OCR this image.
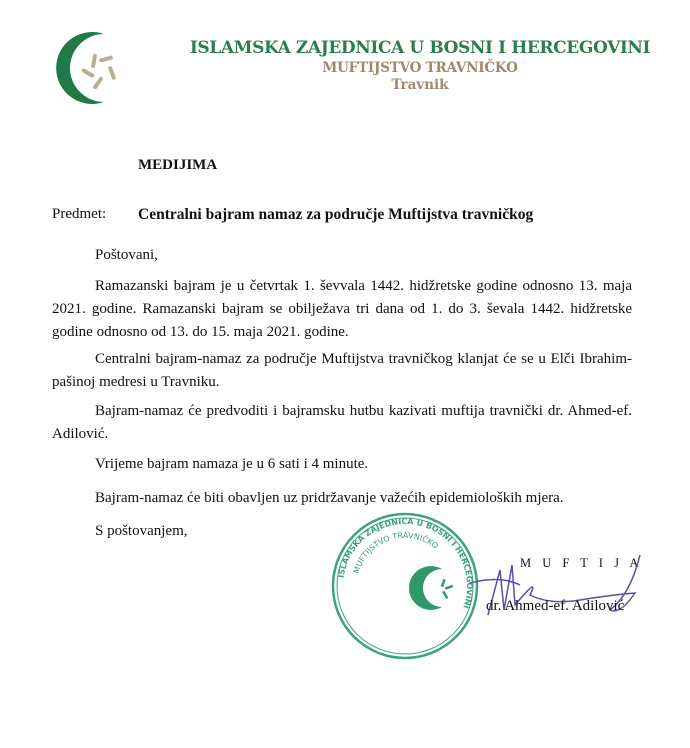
ISLAMSKA ZAJEDNICA U BOSNI I HERCEGOVINI
MUFTIJSTVO TRAVNIČKO
Travnik
MEDIJIMA
Predmet: Centralni bajram namaz za područje Muftijstva travničkog
Poštovani,
Ramazanski bajram je u četvrtak 1. ševvala 1442. hidžretske godine odnosno 13. maja 2021. godine. Ramazanski bajram se obilježava tri dana od 1. do 3. ševala 1442. hidžretske godine odnosno od 13. do 15. maja 2021. godine.
Centralni bajram-namaz za područje Muftijstva travničkog klanjat će se u Elči Ibrahim-pašinoj medresi u Travniku.
Bajram-namaz će predvoditi i bajramsku hutbu kazivati muftija travnički dr. Ahmed-ef. Adilović.
Vrijeme bajram namaza je u 6 sati i 4 minute.
Bajram-namaz će biti obavljen uz pridržavanje važećih epidemioloških mjera.
S poštovanjem,
ISLAMSKA ZAJEDNICA U BOSNI I HERCEGOVINI
MUFTIJSTVO TRAVNIČKO
M U F T I J A
dr. Ahmed-ef. Adilović
